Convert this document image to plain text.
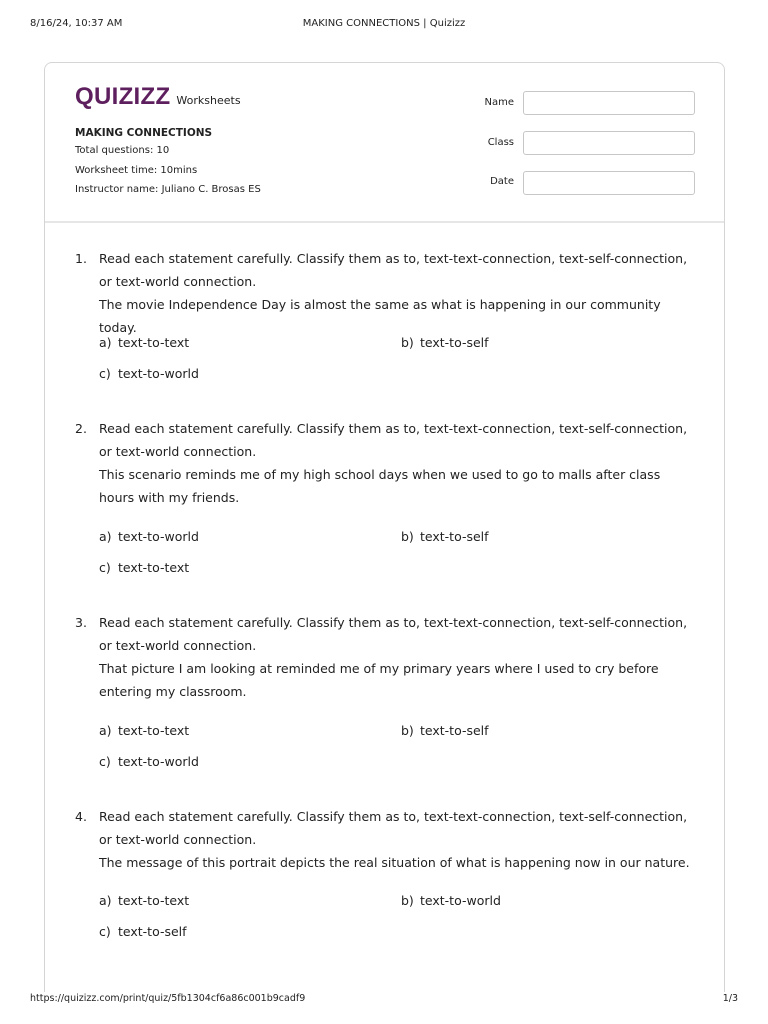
8/16/24, 10:37 AM	MAKING CONNECTIONS | Quizizz
QUIZIZZ Worksheets
MAKING CONNECTIONS
Total questions: 10
Worksheet time: 10mins
Instructor name: Juliano C. Brosas ES
Name
Class
Date
1. Read each statement carefully. Classify them as to, text-text-connection, text-self-connection, or text-world connection.
The movie Independence Day is almost the same as what is happening in our community today.
a) text-to-text	b) text-to-self
c) text-to-world
2. Read each statement carefully. Classify them as to, text-text-connection, text-self-connection, or text-world connection.
This scenario reminds me of my high school days when we used to go to malls after class hours with my friends.
a) text-to-world	b) text-to-self
c) text-to-text
3. Read each statement carefully. Classify them as to, text-text-connection, text-self-connection, or text-world connection.
That picture I am looking at reminded me of my primary years where I used to cry before entering my classroom.
a) text-to-text	b) text-to-self
c) text-to-world
4. Read each statement carefully. Classify them as to, text-text-connection, text-self-connection, or text-world connection.
The message of this portrait depicts the real situation of what is happening now in our nature.
a) text-to-text	b) text-to-world
c) text-to-self
https://quizizz.com/print/quiz/5fb1304cf6a86c001b9cadf9	1/3
